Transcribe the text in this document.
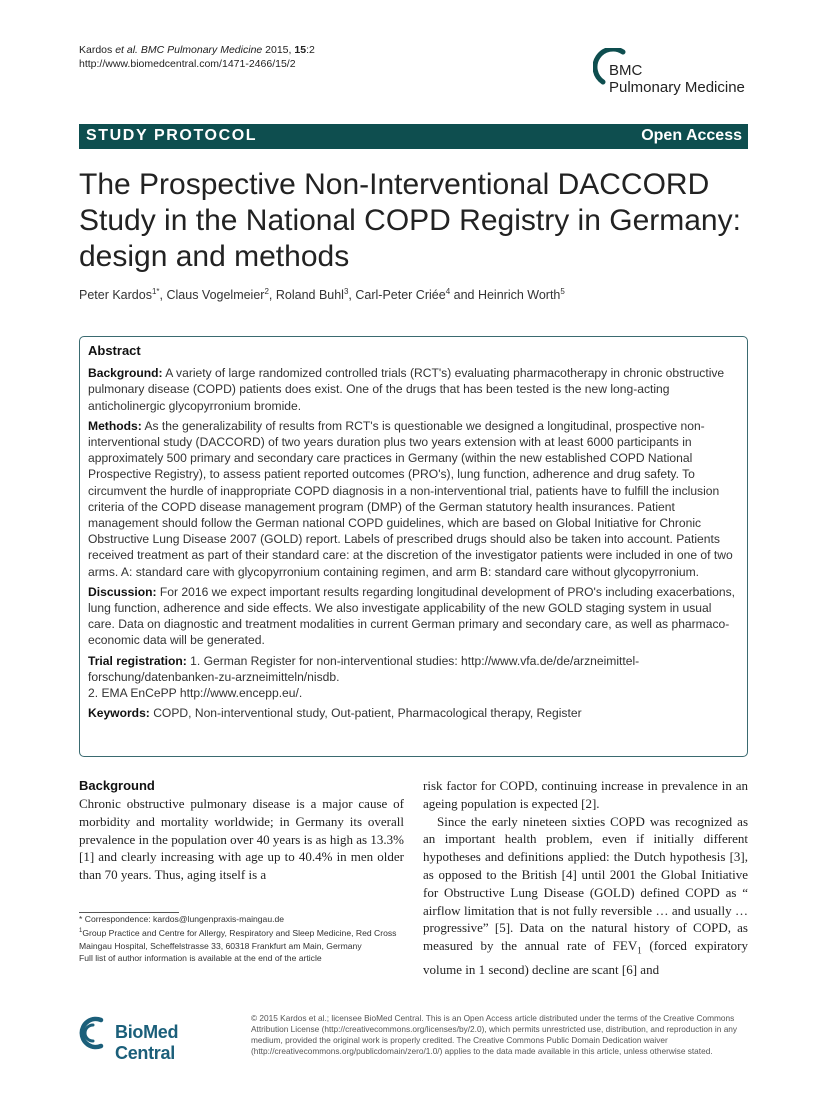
Kardos et al. BMC Pulmonary Medicine 2015, 15:2
http://www.biomedcentral.com/1471-2466/15/2	BMC
Pulmonary Medicine
STUDY PROTOCOL	Open Access
The Prospective Non-Interventional DACCORD Study in the National COPD Registry in Germany: design and methods
Peter Kardos$^{1*}$, Claus Vogelmeier$^2$, Roland Buhl$^3$, Carl-Peter Criée$^4$ and Heinrich Worth$^5$
Abstract

Background: A variety of large randomized controlled trials (RCT's) evaluating pharmacotherapy in chronic obstructive pulmonary disease (COPD) patients does exist. One of the drugs that has been tested is the new long-acting anticholinergic glycopyrronium bromide.

Methods: As the generalizability of results from RCT's is questionable we designed a longitudinal, prospective non-interventional study (DACCORD) of two years duration plus two years extension with at least 6000 participants in approximately 500 primary and secondary care practices in Germany (within the new established COPD National Prospective Registry), to assess patient reported outcomes (PRO's), lung function, adherence and drug safety. To circumvent the hurdle of inappropriate COPD diagnosis in a non-interventional trial, patients have to fulfill the inclusion criteria of the COPD disease management program (DMP) of the German statutory health insurances. Patient management should follow the German national COPD guidelines, which are based on Global Initiative for Chronic Obstructive Lung Disease 2007 (GOLD) report. Labels of prescribed drugs should also be taken into account. Patients received treatment as part of their standard care: at the discretion of the investigator patients were included in one of two arms. A: standard care with glycopyrronium containing regimen, and arm B: standard care without glycopyrronium.

Discussion: For 2016 we expect important results regarding longitudinal development of PRO's including exacerbations, lung function, adherence and side effects. We also investigate applicability of the new GOLD staging system in usual care. Data on diagnostic and treatment modalities in current German primary and secondary care, as well as pharmaco-economic data will be generated.

Trial registration: 1. German Register for non-interventional studies: http://www.vfa.de/de/arzneimittel-forschung/datenbanken-zu-arzneimitteln/nisdb.

2. EMA EnCePP http://www.encepp.eu/.

Keywords: COPD, Non-interventional study, Out-patient, Pharmacological therapy, Register

Background
Chronic obstructive pulmonary disease is a major cause of morbidity and mortality worldwide; in Germany its overall prevalence in the population over 40 years is as high as 13.3% [1] and clearly increasing with age up to 40.4% in men older than 70 years. Thus, aging itself is a

risk factor for COPD, continuing increase in prevalence in an ageing population is expected [2].

Since the early nineteen sixties COPD was recognized as an important health problem, even if initially different hypotheses and definitions applied: the Dutch hypothesis [3], as opposed to the British [4] until 2001 the Global Initiative for Obstructive Lung Disease (GOLD) defined COPD as “ airflow limitation that is not fully reversible … and usually …progressive” [5]. Data on the natural history of COPD, as measured by the annual rate of $FEV_1$ (forced expiratory volume in 1 second) decline are scant [6] and

* Correspondence: kardos@lungenpraxis-maingau.de
$^1$Group Practice and Centre for Allergy, Respiratory and Sleep Medicine, Red Cross Maingau Hospital, Scheffelstrasse 33, 60318 Frankfurt am Main, Germany
Full list of author information is available at the end of the article
BioMed Central
© 2015 Kardos et al.; licensee BioMed Central. This is an Open Access article distributed under the terms of the Creative Commons Attribution License (http://creativecommons.org/licenses/by/2.0), which permits unrestricted use, distribution, and reproduction in any medium, provided the original work is properly credited. The Creative Commons Public Domain Dedication waiver (http://creativecommons.org/publicdomain/zero/1.0/) applies to the data made available in this article, unless otherwise stated.
